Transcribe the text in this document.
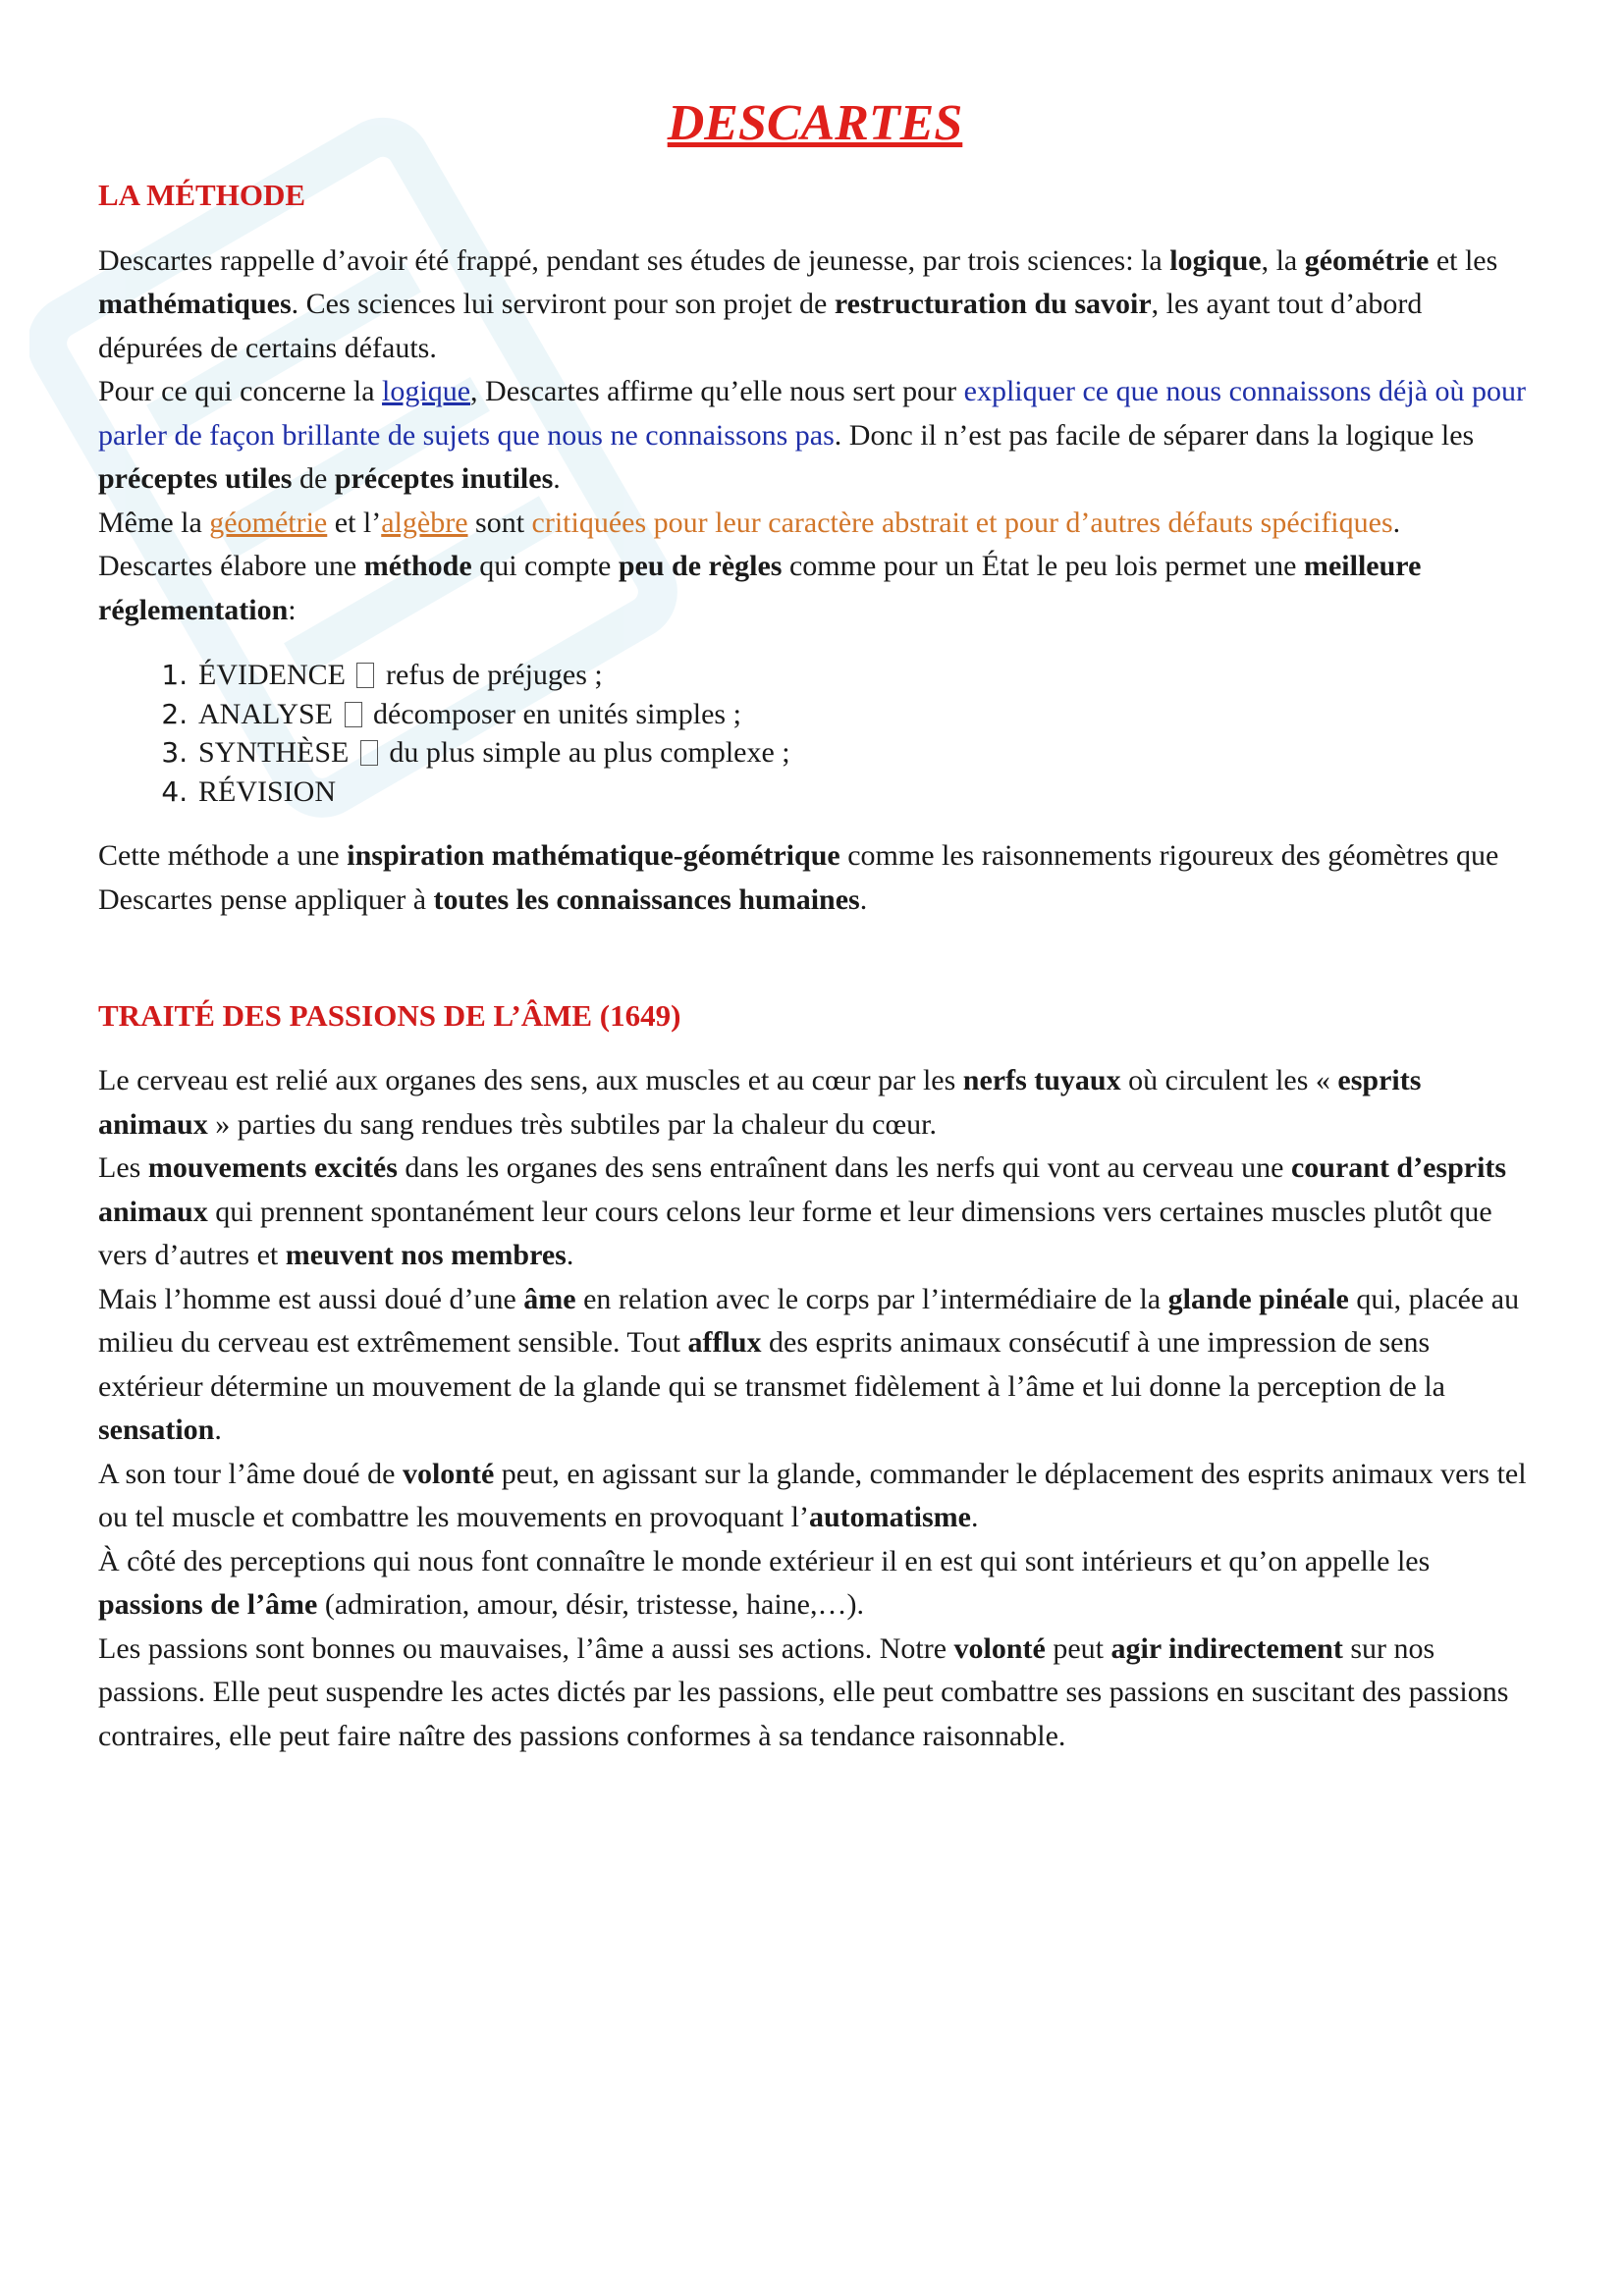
DESCARTES
LA MÉTHODE

Descartes rappelle d’avoir été frappé, pendant ses études de jeunesse, par trois sciences: la logique, la géométrie et les mathématiques. Ces sciences lui serviront pour son projet de restructuration du savoir, les ayant tout d’abord dépurées de certains défauts.

Pour ce qui concerne la logique, Descartes affirme qu’elle nous sert pour expliquer ce que nous connaissons déjà où pour parler de façon brillante de sujets que nous ne connaissons pas. Donc il n’est pas facile de séparer dans la logique les préceptes utiles de préceptes inutiles.

Même la géométrie et l’algèbre sont critiquées pour leur caractère abstrait et pour d’autres défauts spécifiques.

Descartes élabore une méthode qui compte peu de règles comme pour un État le peu lois permet une meilleure réglementation:

1. ÉVIDENCE  refus de préjuges ;
2. ANALYSE  décomposer en unités simples ;
3. SYNTHÈSE  du plus simple au plus complexe ;
4. RÉVISION

Cette méthode a une inspiration mathématique-géométrique comme les raisonnements rigoureux des géomètres que Descartes pense appliquer à toutes les connaissances humaines.

TRAITÉ DES PASSIONS DE L’ÂME (1649)

Le cerveau est relié aux organes des sens, aux muscles et au cœur par les nerfs tuyaux où circulent les « esprits animaux » parties du sang rendues très subtiles par la chaleur du cœur.

Les mouvements excités dans les organes des sens entraînent dans les nerfs qui vont au cerveau une courant d’esprits animaux qui prennent spontanément leur cours celons leur forme et leur dimensions vers certaines muscles plutôt que vers d’autres et meuvent nos membres.

Mais l’homme est aussi doué d’une âme en relation avec le corps par l’intermédiaire de la glande pinéale qui, placée au milieu du cerveau est extrêmement sensible. Tout afflux des esprits animaux consécutif à une impression de sens extérieur détermine un mouvement de la glande qui se transmet fidèlement à l’âme et lui donne la perception de la sensation.

A son tour l’âme doué de volonté peut, en agissant sur la glande, commander le déplacement des esprits animaux vers tel ou tel muscle et combattre les mouvements en provoquant l’automatisme.

À côté des perceptions qui nous font connaître le monde extérieur il en est qui sont intérieurs et qu’on appelle les passions de l’âme (admiration, amour, désir, tristesse, haine,…).

Les passions sont bonnes ou mauvaises, l’âme a aussi ses actions. Notre volonté peut agir indirectement sur nos passions. Elle peut suspendre les actes dictés par les passions, elle peut combattre ses passions en suscitant des passions contraires, elle peut faire naître des passions conformes à sa tendance raisonnable.
